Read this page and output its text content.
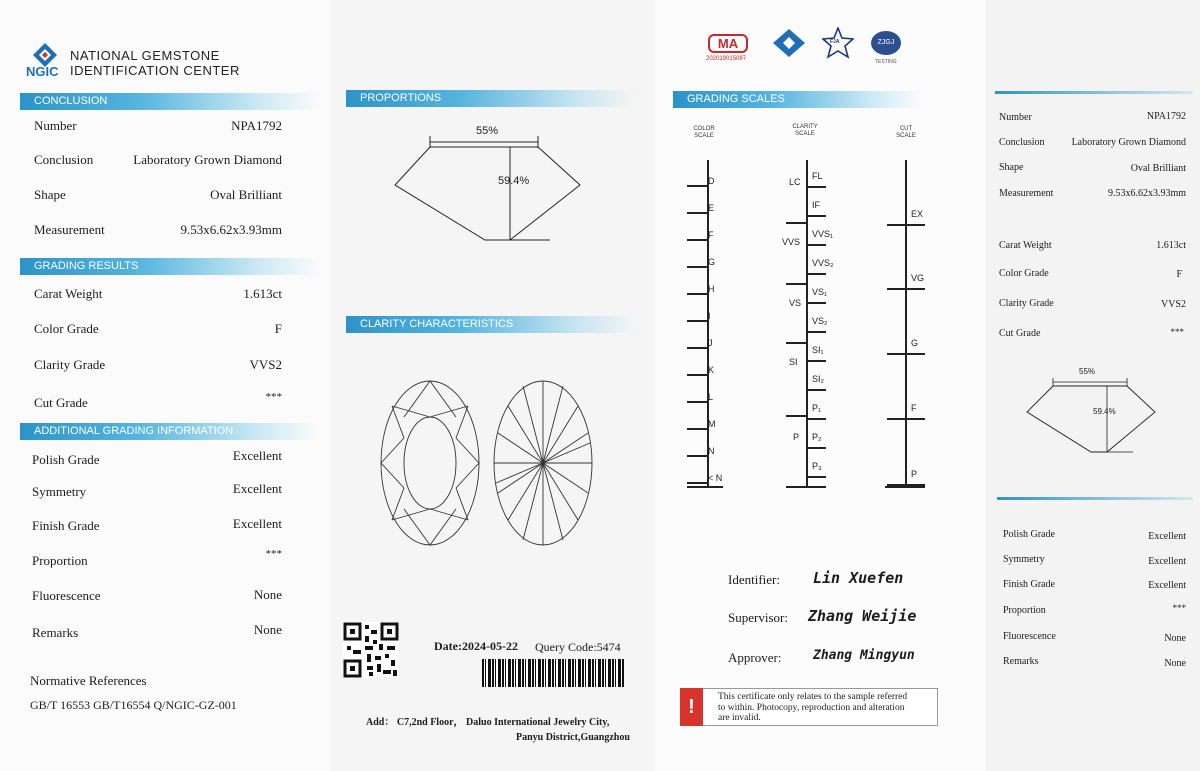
NGIC
NATIONAL GEMSTONE
IDENTIFICATION CENTER
CONCLUSION
Number	NPA1792
Conclusion	Laboratory Grown Diamond
Shape	Oval Brilliant
Measurement	9.53x6.62x3.93mm
GRADING RESULTS
Carat Weight	1.613ct
Color Grade	F
Clarity Grade	VVS2
Cut Grade	***
ADDITIONAL GRADING INFORMATION
Polish Grade	Excellent
Symmetry	Excellent
Finish Grade	Excellent
Proportion	***
Fluorescence	None
Remarks	None
Normative References
GB/T 16553 GB/T16554 Q/NGIC-GZ-001
PROPORTIONS
55%
59.4%
CLARITY CHARACTERISTICS
Date:2024-05-22 Query Code:5474
Add： C7,2nd Floor， Daluo International Jewelry City,
Panyu District,Guangzhou
MA
202019015087
FJA	ZJGJ
TESTING
GRADING SCALES
COLOR
SCALE
CLARITY
SCALE
CUT
SCALE
D
E
F
G
H
I
J
K
L
M
N
< N
FL
IF
VVS₁
VVS₂
VS₁
VS₂
SI₁
SI₂
P₁
P₂
P₃
LC
VVS
VS
SI
P
EX
VG
G
F
P
Identifier: Lin Xuefen
Supervisor: Zhang Weijie
Approver: Zhang Mingyun
!	This certificate only relates to the sample referred
to within. Photocopy, reproduction and alteration
are invalid.
Number	NPA1792
Conclusion	Laboratory Grown Diamond
Shape	Oval Brilliant
Measurement	9.53x6.62x3.93mm
Carat Weight	1.613ct
Color Grade	F
Clarity Grade	VVS2
Cut Grade	***
55%
59.4%
Polish Grade	Excellent
Symmetry	Excellent
Finish Grade	Excellent
Proportion	***
Fluorescence	None
Remarks	None
